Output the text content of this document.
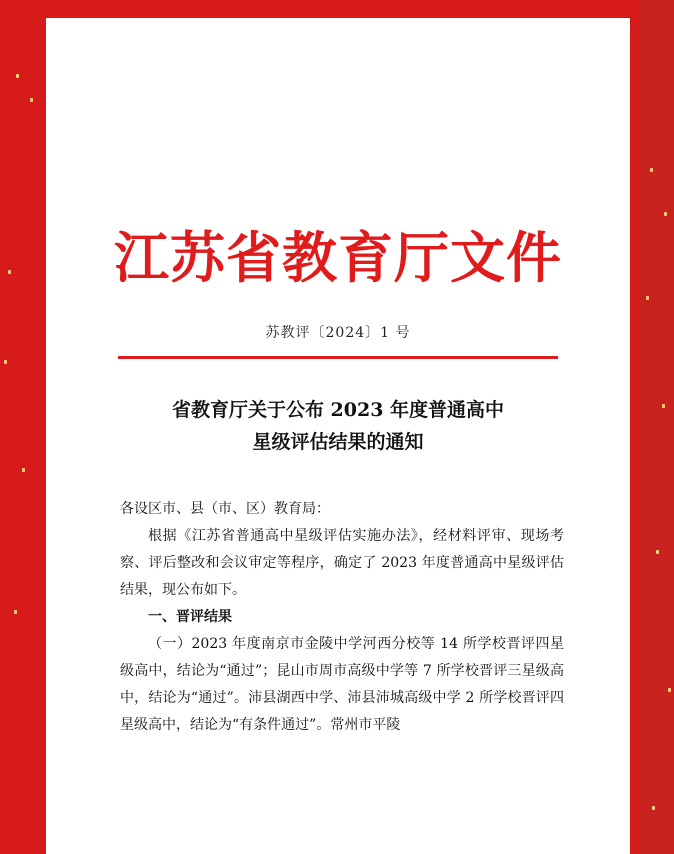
江苏省教育厅文件
苏教评〔2024〕1 号
省教育厅关于公布 2023 年度普通高中
星级评估结果的通知

各设区市、县（市、区）教育局：

根据《江苏省普通高中星级评估实施办法》，经材料评审、现场考察、评后整改和会议审定等程序，确定了 2023 年度普通高中星级评估结果，现公布如下。

一、晋评结果

（一）2023 年度南京市金陵中学河西分校等 14 所学校晋评四星级高中，结论为“通过”；昆山市周市高级中学等 7 所学校晋评三星级高中，结论为“通过”。沛县湖西中学、沛县沛城高级中学 2 所学校晋评四星级高中，结论为“有条件通过”。常州市平陵
